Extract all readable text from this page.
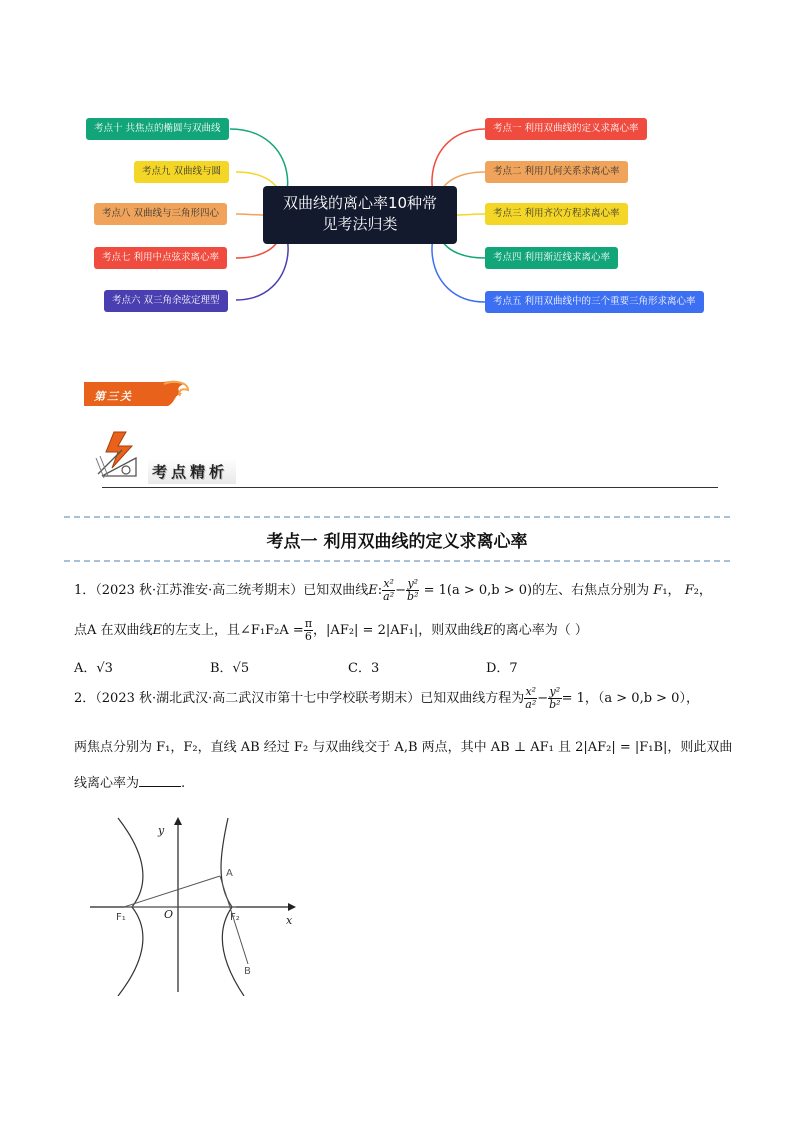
考点十 共焦点的椭圆与双曲线
考点九 双曲线与圆
考点八 双曲线与三角形四心
考点七 利用中点弦求离心率
考点六 双三角余弦定理型
考点一 利用双曲线的定义求离心率
考点二 利用几何关系求离心率
考点三 利用齐次方程求离心率
考点四 利用渐近线求离心率
考点五 利用双曲线中的三个重要三角形求离心率
双曲线的离心率10种常见考法归类
第三关
考点精析
考点一 利用双曲线的定义求离心率
1．（2023 秋·江苏淮安·高二统考期末）已知双曲线E: $\frac{\text{x²}}{\text{a²}} - \frac{\text{y²}}{\text{b²}} = 1(a > 0,b > 0)$的左、右焦点分别为 F₁， F₂，
点A 在双曲线E的左支上，且∠F₁F₂A = $\frac{\pi}{6}$ ，|AF₂| = 2|AF₁|，则双曲线E的离心率为（ ）
A．√3	B．√5	C．3	D．7
2．（2023 秋·湖北武汉·高二武汉市第十七中学校联考期末）已知双曲线方程为 $\frac{\text{x²}}{\text{a²}} - \frac{\text{y²}}{\text{b²}} = 1$，（a > 0,b > 0），
两焦点分别为 F₁，F₂，直线 AB 经过 F₂ 与双曲线交于 A,B 两点，其中 AB ⊥ AF₁ 且 2|AF₂| = |F₁B|，则此双曲
线离心率为	.
y
x
O
F₁	F₂
A
B
